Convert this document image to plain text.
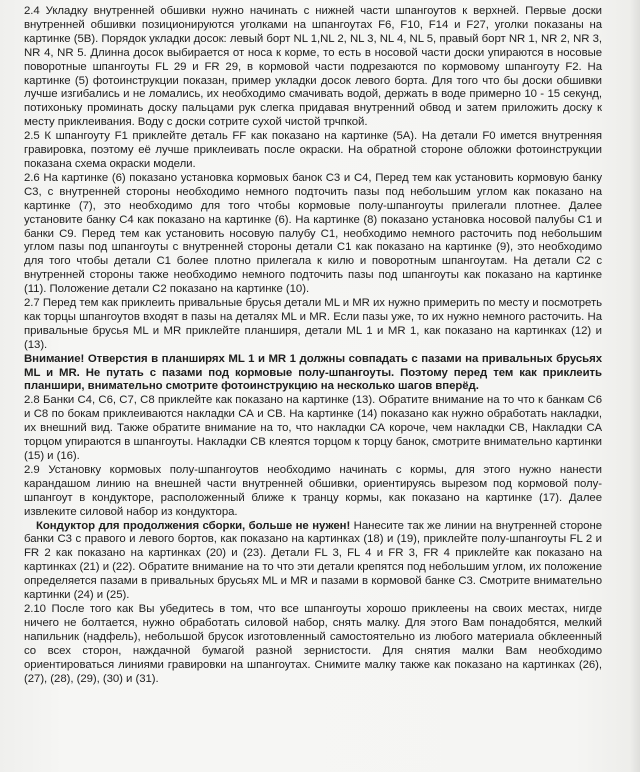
2.4 Укладку внутренней обшивки нужно начинать с нижней части шпангоутов к верхней. Первые доски внутренней обшивки позиционируются уголками на шпангоутах F6, F10, F14 и F27, уголки показаны на картинке (5B). Порядок укладки досок: левый борт NL 1,NL 2, NL 3, NL 4, NL 5, правый борт NR 1, NR 2, NR 3, NR 4, NR 5. Длинна досок выбирается от носа к корме, то есть в носовой части доски упираются в носовые поворотные шпангоуты FL 29 и FR 29, в кормовой части подрезаются по кормовому шпангоуту F2. На картинке (5) фотоинструкции показан, пример укладки досок левого борта. Для того что бы доски обшивки лучше изгибались и не ломались, их необходимо смачивать водой, держать в воде примерно 10 - 15 секунд, потихоньку проминать доску пальцами рук слегка придавая внутренний обвод и затем приложить доску к месту приклеивания. Воду с доски сотрите сухой чистой трчпкой.

2.5 К шпангоуту F1 приклейте деталь FF как показано на картинке (5A). На детали F0 имется внутренняя гравировка, поэтому её лучше приклеивать после окраски. На обратной стороне обложки фотоинструкции показана схема окраски модели.

2.6 На картинке (6) показано установка кормовых банок С3 и С4, Перед тем как установить кормовую банку С3, с внутренней стороны необходимо немного подточить пазы под небольшим углом как показано на картинке (7), это необходимо для того чтобы кормовые полу-шпангоуты прилегали плотнее. Далее установите банку С4 как показано на картинке (6). На картинке (8) показано установка носовой палубы С1 и банки С9. Перед тем как установить носовую палубу С1, необходимо немного расточить под небольшим углом пазы под шпангоуты с внутренней стороны детали С1 как показано на картинке (9), это необходимо для того чтобы детали С1 более плотно прилегала к килю и поворотным шпангоутам. На детали С2 с внутренней стороны также необходимо немного подточить пазы под шпангоуты как показано на картинке (11). Положение детали С2 показано на картинке (10).

2.7 Перед тем как приклеить привальные брусья детали ML и MR их нужно примерить по месту и посмотреть как торцы шпангоутов входят в пазы на деталях ML и MR. Если пазы уже, то их нужно немного расточить. На привальные брусья ML и MR приклейте планширя, детали ML 1 и MR 1, как показано на картинках (12) и (13).

Внимание! Отверстия в планширях ML 1 и MR 1 должны совпадать с пазами на привальных брусьях ML и MR. Не путать с пазами под кормовые полу-шпангоуты. Поэтому перед тем как приклеить планшири, внимательно смотрите фотоинструкцию на несколько шагов вперёд.

2.8 Банки С4, С6, С7, С8 приклейте как показано на картинке (13). Обратите внимание на то что к банкам С6 и С8 по бокам приклеиваются накладки СА и СВ. На картинке (14) показано как нужно обработать накладки, их внешний вид. Также обратите внимание на то, что накладки СА короче, чем накладки СВ, Накладки СА торцом упираются в шпангоуты. Накладки СВ клеятся торцом к торцу банок, смотрите внимательно картинки (15) и (16).

2.9 Установку кормовых полу-шпангоутов необходимо начинать с кормы, для этого нужно нанести карандашом линию на внешней части внутренней обшивки, ориентируясь вырезом под кормовой полу-шпангоут в кондукторе, расположенный ближе к транцу кормы, как показано на картинке (17). Далее извлеките силовой набор из кондуктора.

Кондуктор для продолжения сборки, больше не нужен! Нанесите так же линии на внутренней стороне банки С3 с правого и левого бортов, как показано на картинках (18) и (19), приклейте полу-шпангоуты FL 2 и FR 2 как показано на картинках (20) и (23). Детали FL 3, FL 4 и FR 3, FR 4 приклейте как показано на картинках (21) и (22). Обратите внимание на то что эти детали крепятся под небольшим углом, их положение определяется пазами в привальных брусьях ML и MR и пазами в кормовой банке С3. Смотрите внимательно картинки (24) и (25).

2.10 После того как Вы убедитесь в том, что все шпангоуты хорошо приклеены на своих местах, нигде ничего не болтается, нужно обработать силовой набор, снять малку. Для этого Вам понадобятся, мелкий напильник (надфель), небольшой брусок изготовленный самостоятельно из любого материала обклеенный со всех сторон, наждачной бумагой разной зернистости. Для снятия малки Вам необходимо ориентироваться линиями гравировки на шпангоутах. Снимите малку также как показано на картинках (26), (27), (28), (29), (30) и (31).
